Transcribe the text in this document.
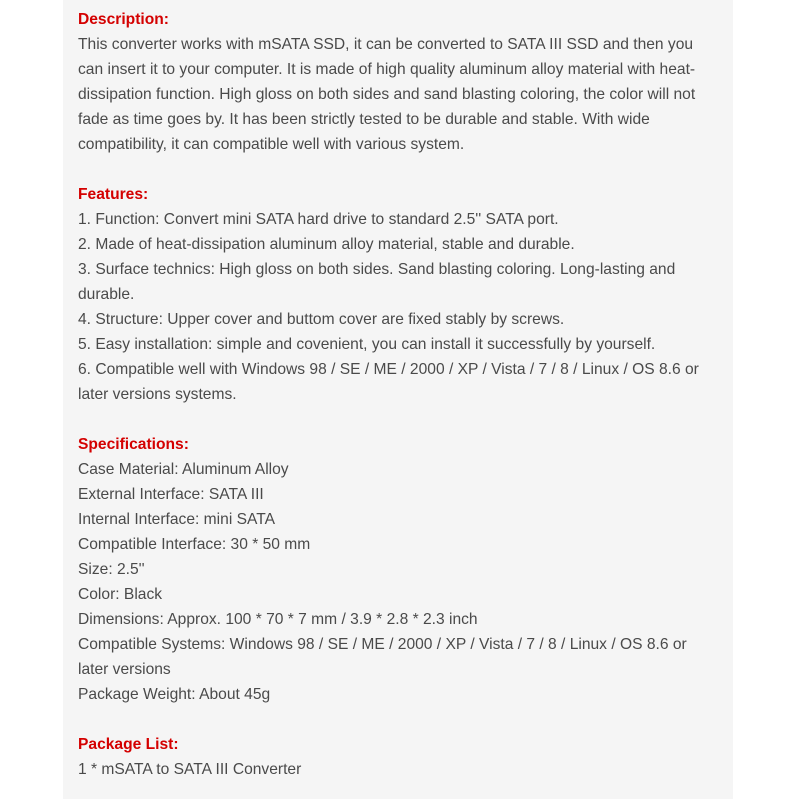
Description:
This converter works with mSATA SSD, it can be converted to SATA III SSD and then you
can insert it to your computer. It is made of high quality aluminum alloy material with heat-
dissipation function. High gloss on both sides and sand blasting coloring, the color will not
fade as time goes by. It has been strictly tested to be durable and stable. With wide
compatibility, it can compatible well with various system.
Features:
1. Function: Convert mini SATA hard drive to standard 2.5'' SATA port.
2. Made of heat-dissipation aluminum alloy material, stable and durable.
3. Surface technics: High gloss on both sides. Sand blasting coloring. Long-lasting and
durable.
4. Structure: Upper cover and buttom cover are fixed stably by screws.
5. Easy installation: simple and covenient, you can install it successfully by yourself.
6. Compatible well with Windows 98 / SE / ME / 2000 / XP / Vista / 7 / 8 / Linux / OS 8.6 or
later versions systems.
Specifications:
Case Material: Aluminum Alloy
External Interface: SATA III
Internal Interface: mini SATA
Compatible Interface: 30 * 50 mm
Size: 2.5''
Color: Black
Dimensions: Approx. 100 * 70 * 7 mm / 3.9 * 2.8 * 2.3 inch
Compatible Systems: Windows 98 / SE / ME / 2000 / XP / Vista / 7 / 8 / Linux / OS 8.6 or
later versions
Package Weight: About 45g
Package List:
1 * mSATA to SATA III Converter
